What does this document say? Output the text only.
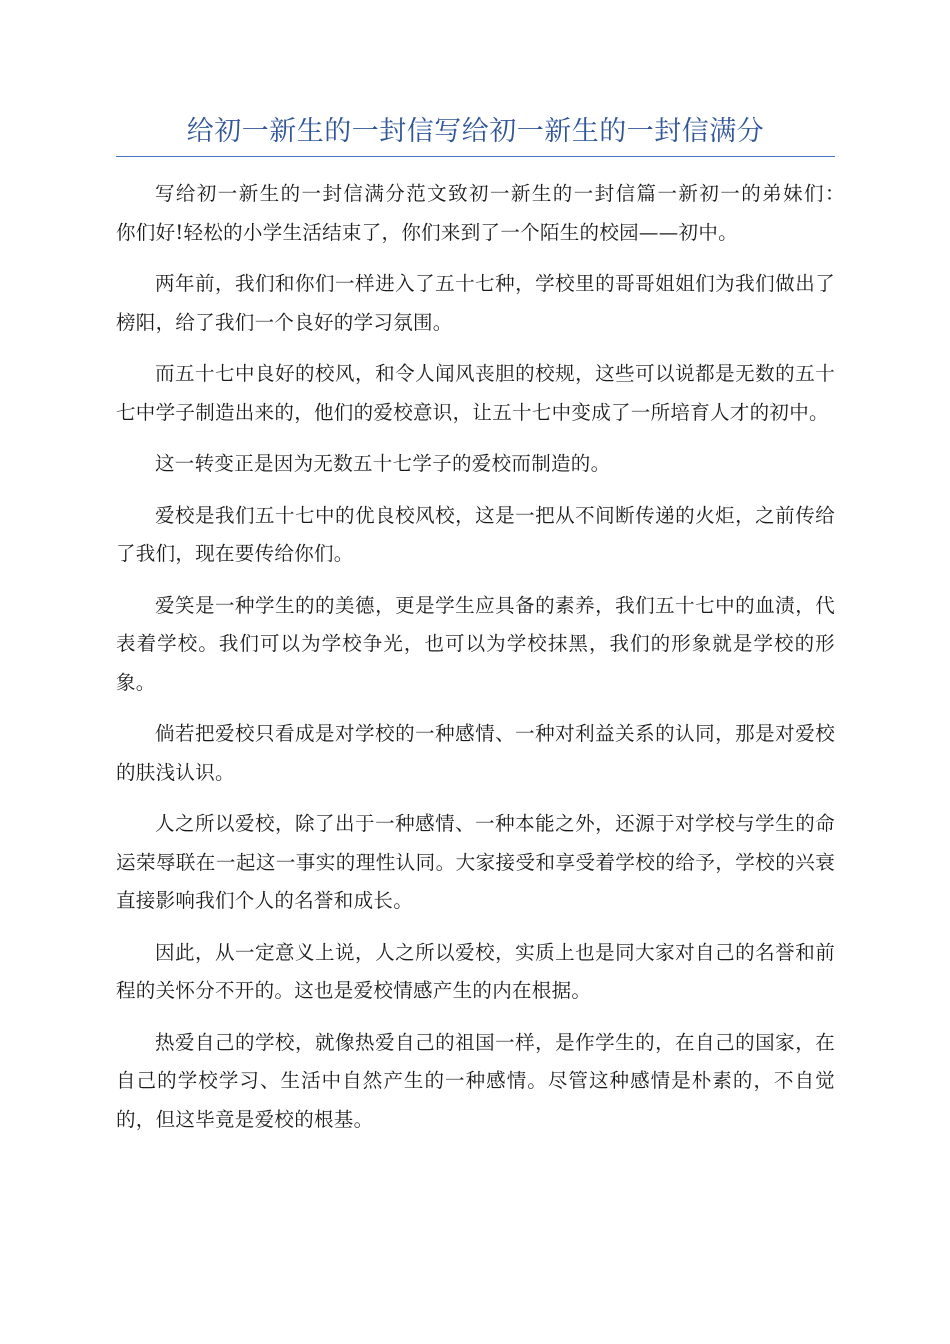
给初一新生的一封信写给初一新生的一封信满分

写给初一新生的一封信满分范文致初一新生的一封信篇一新初一的弟妹们：　　你们好!轻松的小学生活结束了，你们来到了一个陌生的校园——初中。

两年前，我们和你们一样进入了五十七种，学校里的哥哥姐姐们为我们做出了榜阳，给了我们一个良好的学习氛围。

而五十七中良好的校风，和令人闻风丧胆的校规，这些可以说都是无数的五十七中学子制造出来的，他们的爱校意识，让五十七中变成了一所培育人才的初中。

这一转变正是因为无数五十七学子的爱校而制造的。

爱校是我们五十七中的优良校风校，这是一把从不间断传递的火炬，之前传给了我们，现在要传给你们。

爱笑是一种学生的的美德，更是学生应具备的素养，我们五十七中的血渍，代表着学校。我们可以为学校争光，也可以为学校抹黑，我们的形象就是学校的形象。

倘若把爱校只看成是对学校的一种感情、一种对利益关系的认同，那是对爱校的肤浅认识。

人之所以爱校，除了出于一种感情、一种本能之外，还源于对学校与学生的命运荣辱联在一起这一事实的理性认同。大家接受和享受着学校的给予，学校的兴衰直接影响我们个人的名誉和成长。

因此，从一定意义上说，人之所以爱校，实质上也是同大家对自己的名誉和前程的关怀分不开的。这也是爱校情感产生的内在根据。

热爱自己的学校，就像热爱自己的祖国一样，是作学生的，在自己的国家，在自己的学校学习、生活中自然产生的一种感情。尽管这种感情是朴素的，不自觉的，但这毕竟是爱校的根基。
